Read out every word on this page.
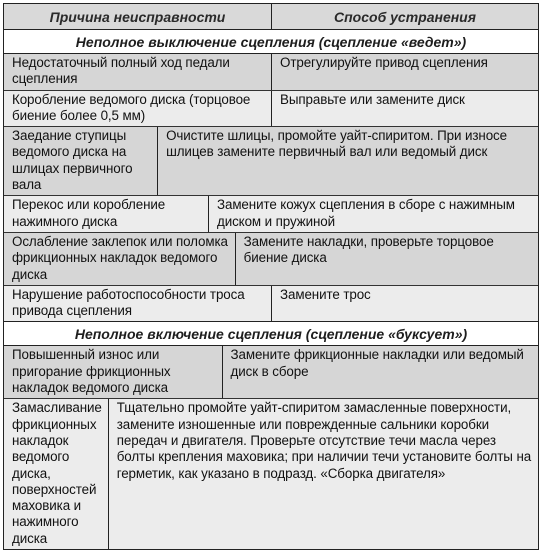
Причина неисправности	Способ устранения
Неполное выключение сцепления (сцепление «ведет»)
Недостаточный полный ход педали сцепления
Отрегулируйте привод сцепления
Коробление ведомого диска (торцовое биение более 0,5 мм)
Выправьте или замените диск
Заедание ступицы ведомого диска на шлицах первичного вала
Очистите шлицы, промойте уайт-спиритом. При износе шлицев замените первичный вал или ведомый диск
Перекос или коробление нажимного диска
Замените кожух сцепления в сборе с нажимным диском и пружиной
Ослабление заклепок или поломка фрикционных накладок ведомого диска
Замените накладки, проверьте торцовое биение диска
Нарушение работоспособности троса привода сцепления
Замените трос
Неполное включение сцепления (сцепление «буксует»)
Повышенный износ или пригорание фрикционных накладок ведомого диска
Замените фрикционные накладки или ведомый диск в сборе
Замасливание фрикционных накладок ведомого диска, поверхностей маховика и нажимного диска
Тщательно промойте уайт-спиритом замасленные поверхности, замените изношенные или поврежденные сальники коробки передач и двигателя. Проверьте отсутствие течи масла через болты крепления маховика; при наличии течи установите болты на герметик, как указано в подразд. «Сборка двигателя»
